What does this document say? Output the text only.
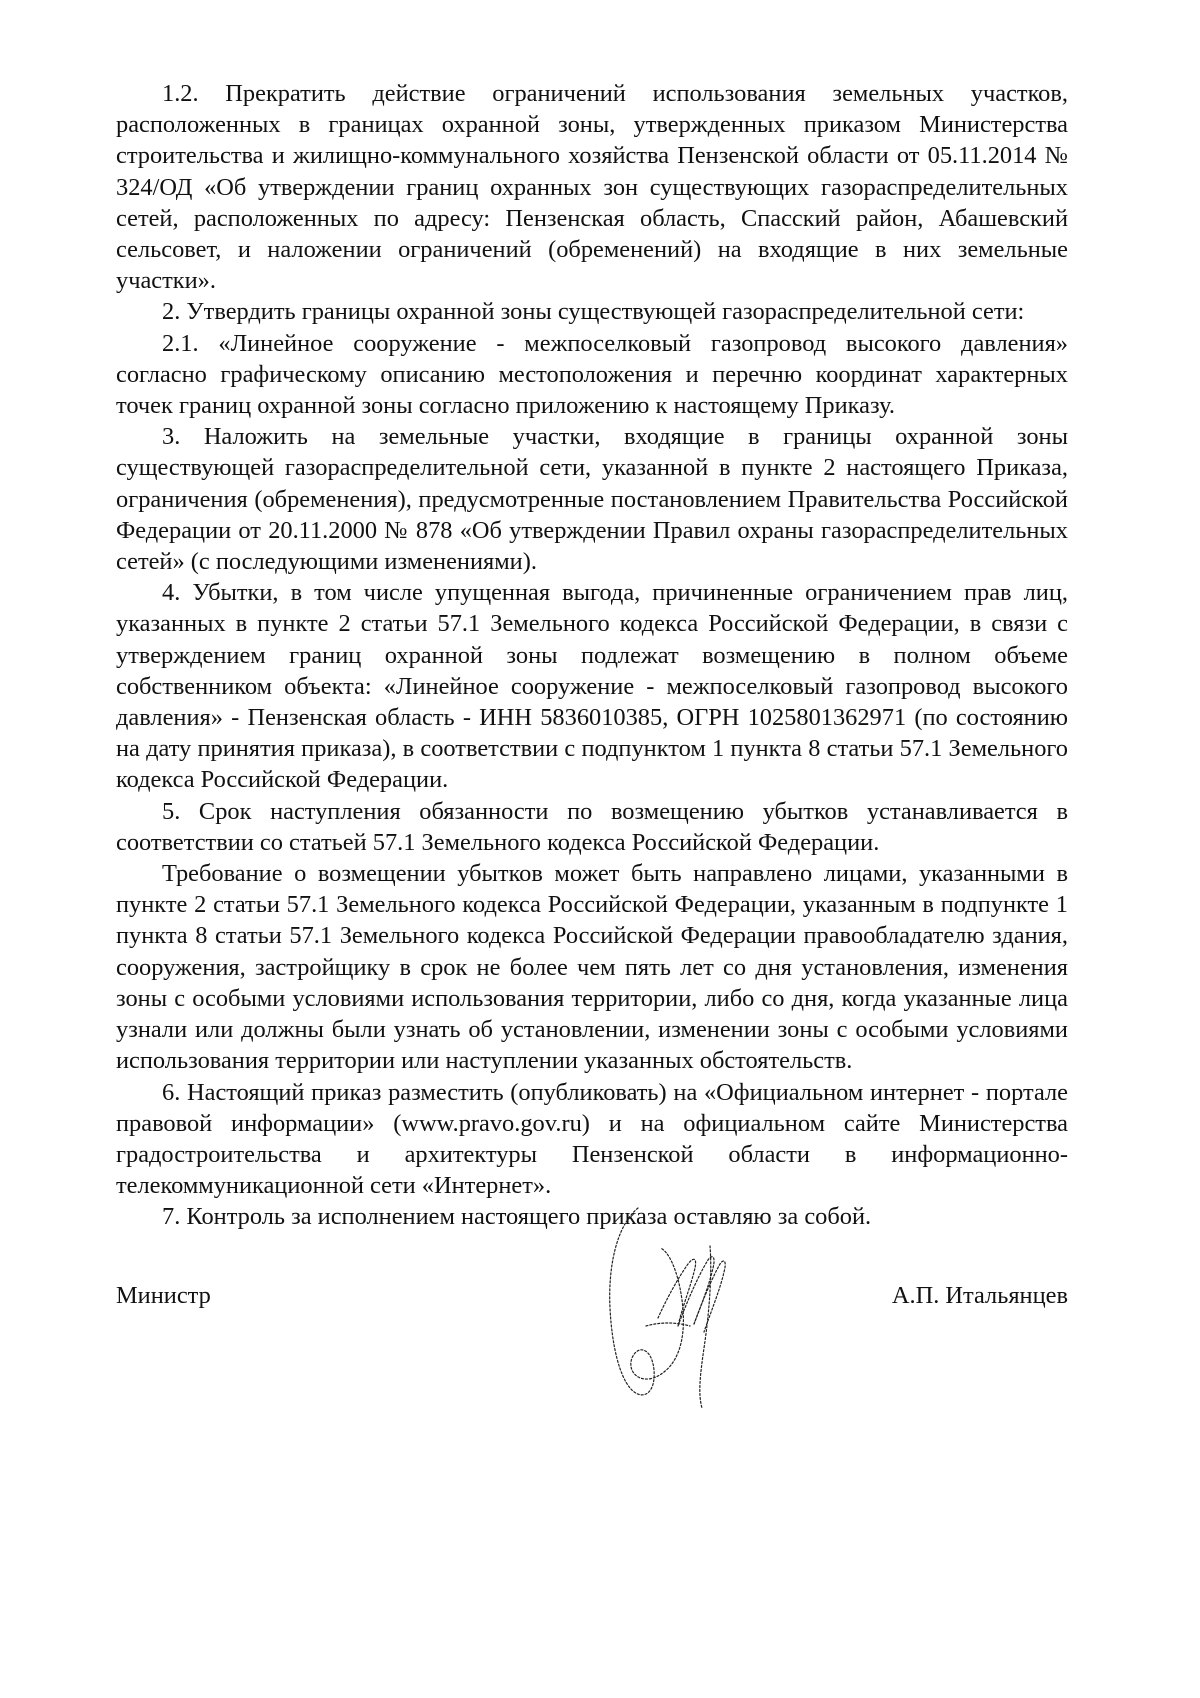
1.2. Прекратить действие ограничений использования земельных участков, расположенных в границах охранной зоны, утвержденных приказом Министерства строительства и жилищно-коммунального хозяйства Пензенской области от 05.11.2014 № 324/ОД «Об утверждении границ охранных зон существующих газораспределительных сетей, расположенных по адресу: Пензенская область, Спасский район, Абашевский сельсовет, и наложении ограничений (обременений) на входящие в них земельные участки».

2. Утвердить границы охранной зоны существующей газораспределительной сети:

2.1. «Линейное сооружение - межпоселковый газопровод высокого давления» согласно графическому описанию местоположения и перечню координат характерных точек границ охранной зоны согласно приложению к настоящему Приказу.

3. Наложить на земельные участки, входящие в границы охранной зоны существующей газораспределительной сети, указанной в пункте 2 настоящего Приказа, ограничения (обременения), предусмотренные постановлением Правительства Российской Федерации от 20.11.2000 № 878 «Об утверждении Правил охраны газораспределительных сетей» (с последующими изменениями).

4. Убытки, в том числе упущенная выгода, причиненные ограничением прав лиц, указанных в пункте 2 статьи 57.1 Земельного кодекса Российской Федерации, в связи с утверждением границ охранной зоны подлежат возмещению в полном объеме собственником объекта: «Линейное сооружение - межпоселковый газопровод высокого давления» - Пензенская область - ИНН 5836010385, ОГРН 1025801362971 (по состоянию на дату принятия приказа), в соответствии с подпунктом 1 пункта 8 статьи 57.1 Земельного кодекса Российской Федерации.

5. Срок наступления обязанности по возмещению убытков устанавливается в соответствии со статьей 57.1 Земельного кодекса Российской Федерации.

Требование о возмещении убытков может быть направлено лицами, указанными в пункте 2 статьи 57.1 Земельного кодекса Российской Федерации, указанным в подпункте 1 пункта 8 статьи 57.1 Земельного кодекса Российской Федерации правообладателю здания, сооружения, застройщику в срок не более чем пять лет со дня установления, изменения зоны с особыми условиями использования территории, либо со дня, когда указанные лица узнали или должны были узнать об установлении, изменении зоны с особыми условиями использования территории или наступлении указанных обстоятельств.

6. Настоящий приказ разместить (опубликовать) на «Официальном интернет - портале правовой информации» (www.pravo.gov.ru) и на официальном сайте Министерства градостроительства и архитектуры Пензенской области в информационно-телекоммуникационной сети «Интернет».

7. Контроль за исполнением настоящего приказа оставляю за собой.

Министр	А.П. Итальянцев
